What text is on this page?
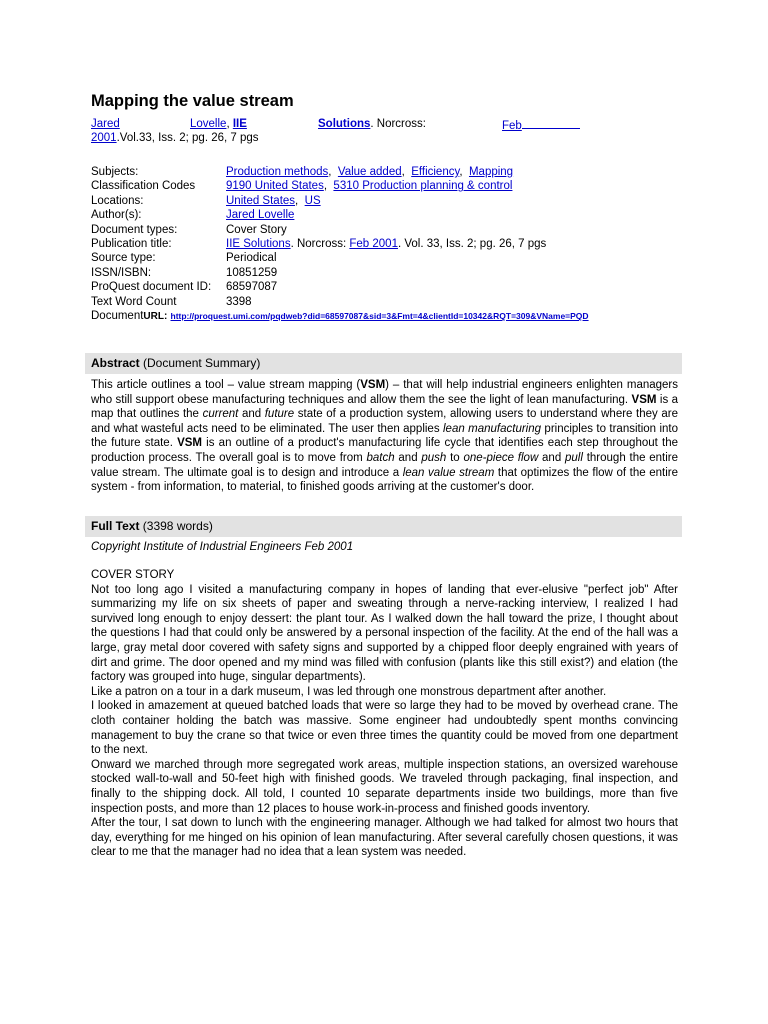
Mapping the value stream
Jared	Lovelle, IIE	Solutions. Norcross:	Feb
2001.Vol.33, Iss. 2; pg. 26, 7 pgs
Subjects:	Production methods,  Value added,  Efficiency,  Mapping
Classification Codes	9190 United States,  5310 Production planning & control
Locations:	United States,  US
Author(s):	Jared Lovelle
Document types:	Cover Story
Publication title:	IIE Solutions. Norcross: Feb 2001. Vol. 33, Iss. 2; pg. 26, 7 pgs
Source type:	Periodical
ISSN/ISBN:	10851259
ProQuest document ID:	68597087
Text Word Count	3398
Document URL:
http://proquest.umi.com/pqdweb?did=68597087&sid=3&Fmt=4&clientId=10342&RQT=309&VName=PQD
Abstract (Document Summary)
This article outlines a tool – value stream mapping (VSM) – that will help industrial engineers enlighten managers who still support obese manufacturing techniques and allow them the see the light of lean manufacturing. VSM is a map that outlines the current and future state of a production system, allowing users to understand where they are and what wasteful acts need to be eliminated. The user then applies lean manufacturing principles to transition into the future state. VSM is an outline of a product's manufacturing life cycle that identifies each step throughout the production process. The overall goal is to move from batch and push to one-piece flow and pull through the entire value stream. The ultimate goal is to design and introduce a lean value stream that optimizes the flow of the entire system - from information, to material, to finished goods arriving at the customer's door.
Full Text (3398 words)
Copyright Institute of Industrial Engineers Feb 2001
COVER STORY
Not too long ago I visited a manufacturing company in hopes of landing that ever-elusive "perfect job" After summarizing my life on six sheets of paper and sweating through a nerve-racking interview, I realized I had survived long enough to enjoy dessert: the plant tour. As I walked down the hall toward the prize, I thought about the questions I had that could only be answered by a personal inspection of the facility. At the end of the hall was a large, gray metal door covered with safety signs and supported by a chipped floor deeply engrained with years of dirt and grime. The door opened and my mind was filled with confusion (plants like this still exist?) and elation (the factory was grouped into huge, singular departments).
Like a patron on a tour in a dark museum, I was led through one monstrous department after another.
I looked in amazement at queued batched loads that were so large they had to be moved by overhead crane. The cloth container holding the batch was massive. Some engineer had undoubtedly spent months convincing management to buy the crane so that twice or even three times the quantity could be moved from one department to the next.
Onward we marched through more segregated work areas, multiple inspection stations, an oversized warehouse stocked wall-to-wall and 50-feet high with finished goods. We traveled through packaging, final inspection, and finally to the shipping dock. All told, I counted 10 separate departments inside two buildings, more than five inspection posts, and more than 12 places to house work-in-process and finished goods inventory.
After the tour, I sat down to lunch with the engineering manager. Although we had talked for almost two hours that day, everything for me hinged on his opinion of lean manufacturing. After several carefully chosen questions, it was clear to me that the manager had no idea that a lean system was needed.
